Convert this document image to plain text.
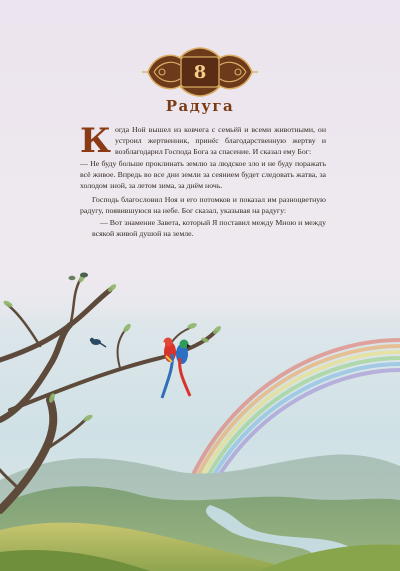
8
Радуга

Когда Ной вышел из ковчега с семьёй и всеми животными, он устроил жертвенник, принёс благодарственную жертву и возблагодарил Господа Бога за спасение. И сказал ему Бог:

— Не буду больше проклинать землю за людское зло и не буду поражать всё живое. Впредь во все дни земли за сеянием будет следовать жатва, за холодом зной, за летом зима, за днём ночь.

Господь благословил Ноя и его потомков и показал им разноцветную радугу, появившуюся на небе. Бог сказал, указывая на радугу:

— Вот знамение Завета, который Я поставил между Мною и между всякой живой душой на земле.
